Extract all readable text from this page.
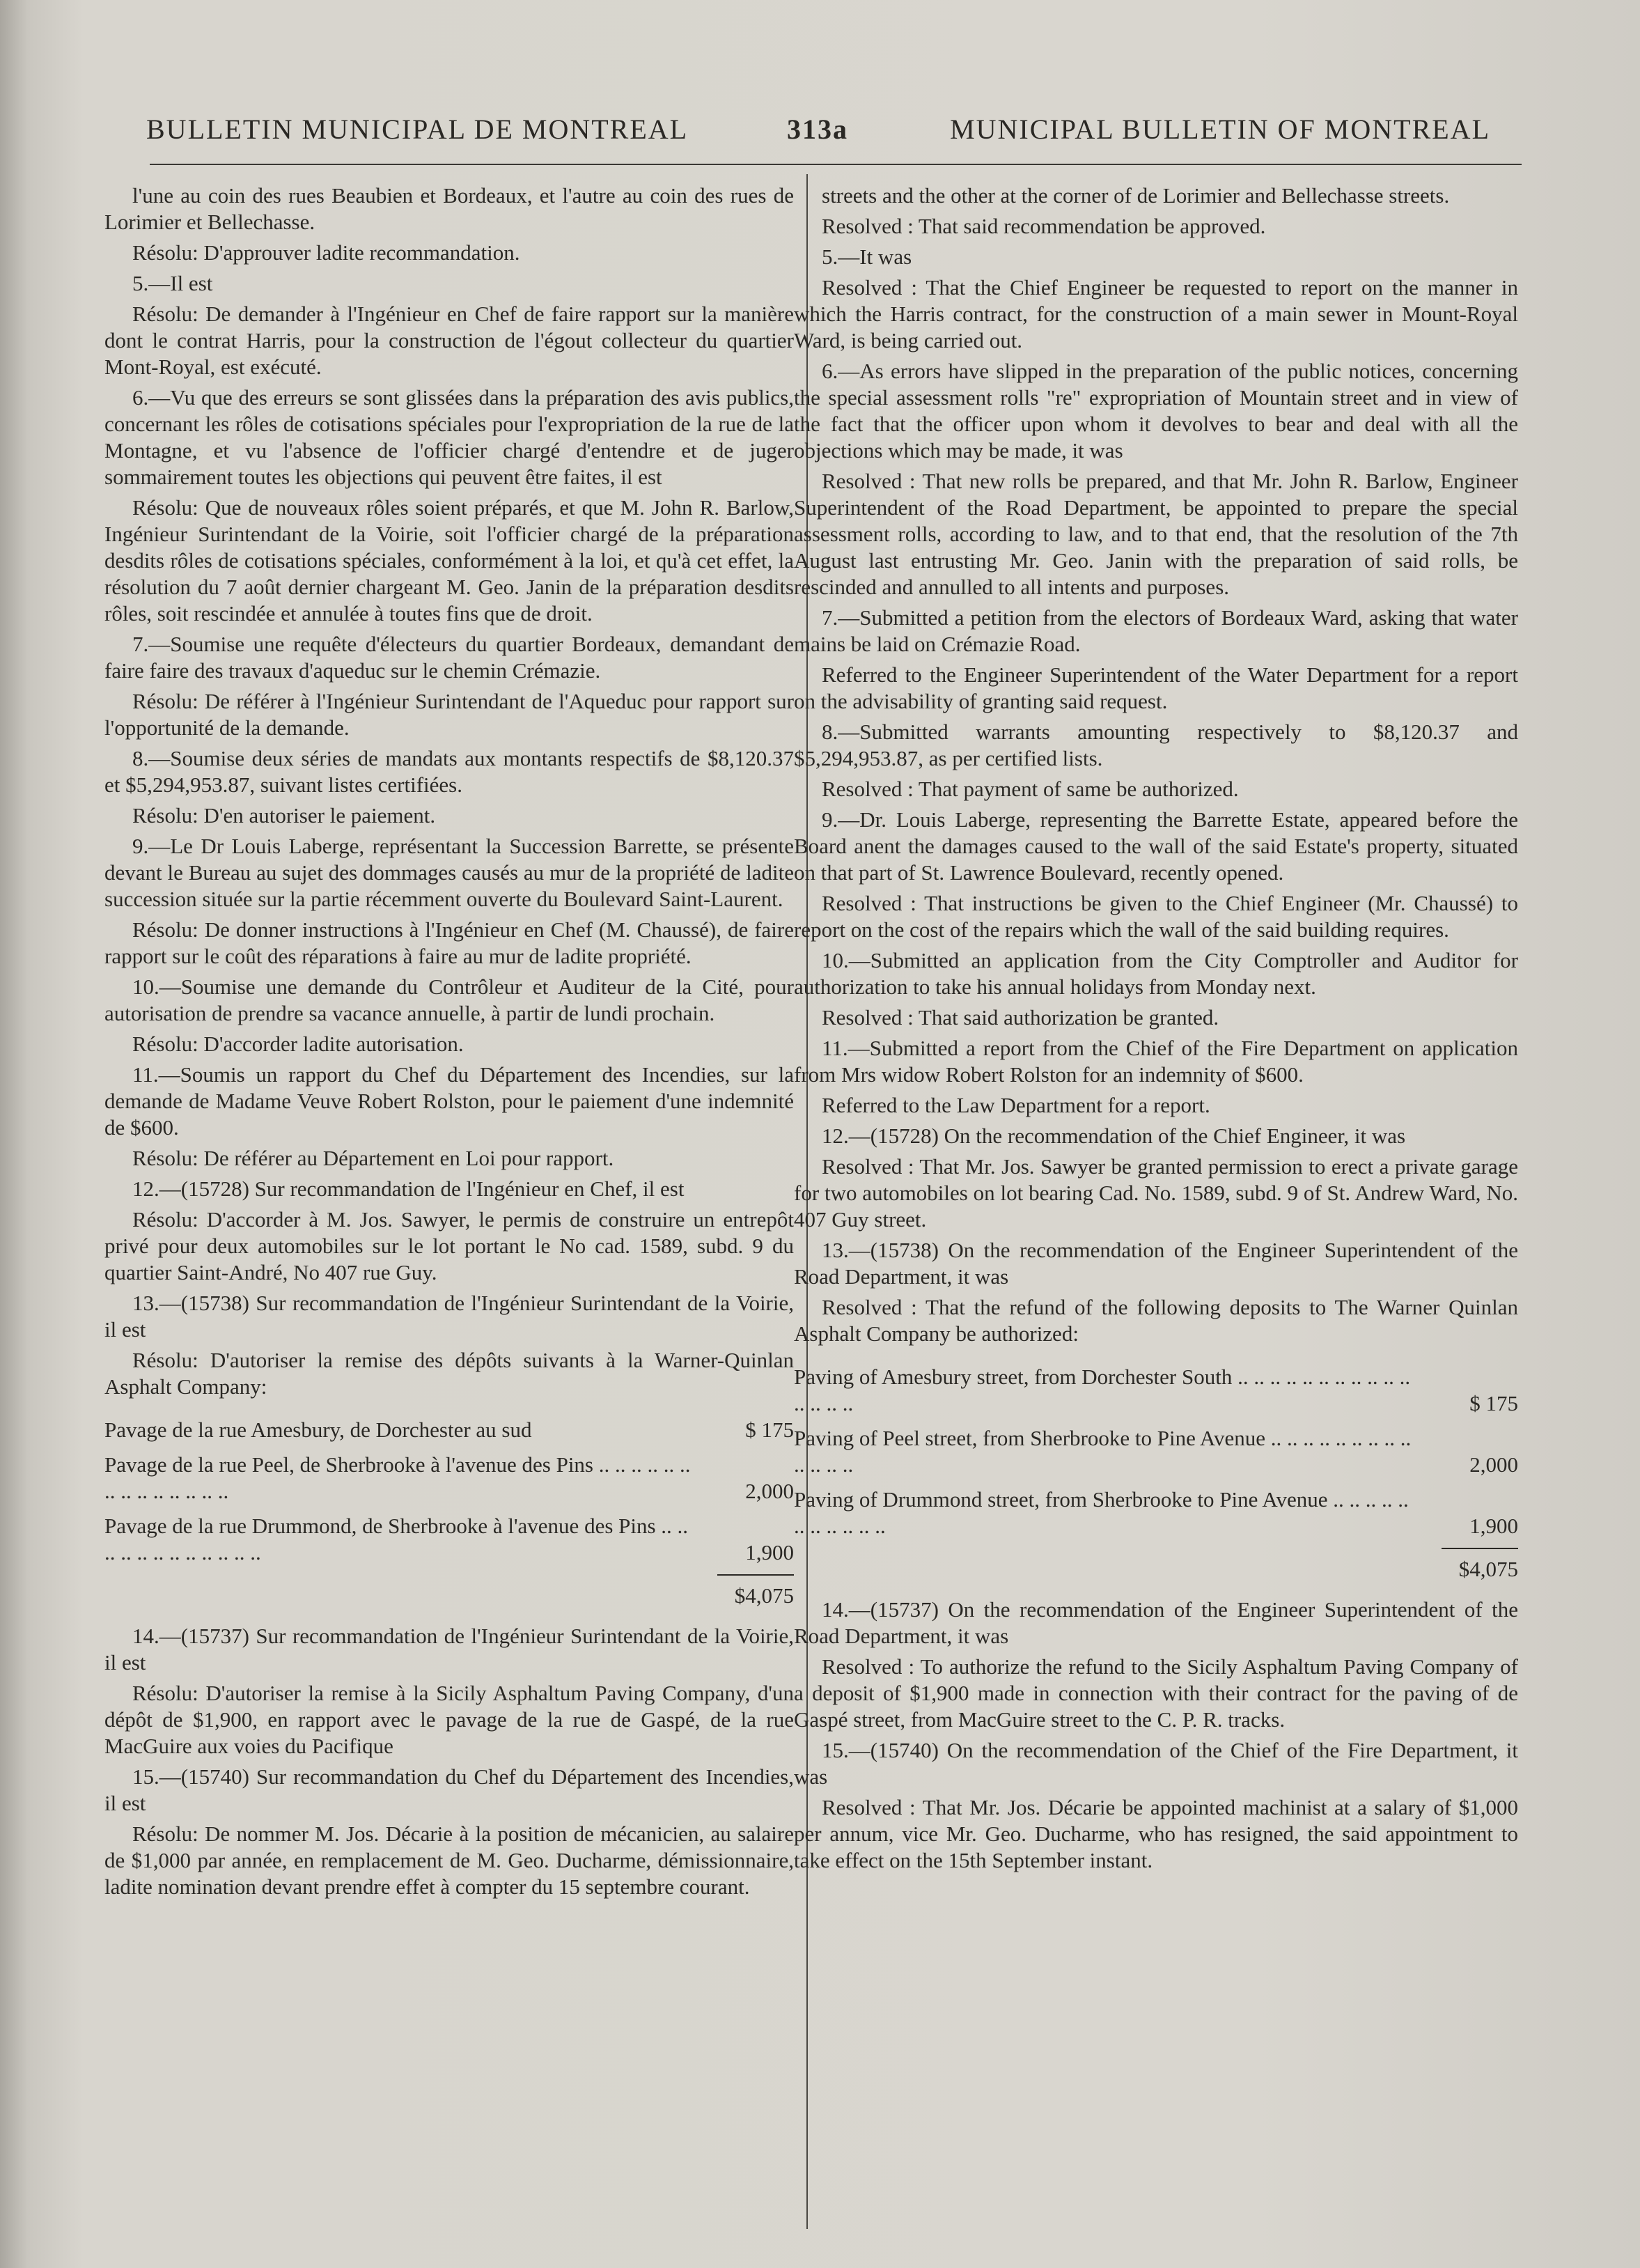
BULLETIN MUNICIPAL DE MONTREAL	313a	MUNICIPAL BULLETIN OF MONTREAL

l'une au coin des rues Beaubien et Bordeaux, et l'autre au coin des rues de Lorimier et Bellechasse.

Résolu: D'approuver ladite recommandation.

5.—Il est

Résolu: De demander à l'Ingénieur en Chef de faire rapport sur la manière dont le contrat Harris, pour la construction de l'égout collecteur du quartier Mont-Royal, est exécuté.

6.—Vu que des erreurs se sont glissées dans la préparation des avis publics, concernant les rôles de cotisations spéciales pour l'expropriation de la rue de la Montagne, et vu l'absence de l'officier chargé d'entendre et de juger sommairement toutes les objections qui peuvent être faites, il est

Résolu: Que de nouveaux rôles soient préparés, et que M. John R. Barlow, Ingénieur Surintendant de la Voirie, soit l'officier chargé de la préparation desdits rôles de cotisations spéciales, conformément à la loi, et qu'à cet effet, la résolution du 7 août dernier chargeant M. Geo. Janin de la préparation desdits rôles, soit rescindée et annulée à toutes fins que de droit.

7.—Soumise une requête d'électeurs du quartier Bordeaux, demandant de faire faire des travaux d'aqueduc sur le chemin Crémazie.

Résolu: De référer à l'Ingénieur Surintendant de l'Aqueduc pour rapport sur l'opportunité de la demande.

8.—Soumise deux séries de mandats aux montants respectifs de $8,120.37 et $5,294,953.87, suivant listes certifiées.

Résolu: D'en autoriser le paiement.

9.—Le Dr Louis Laberge, représentant la Succession Barrette, se présente devant le Bureau au sujet des dommages causés au mur de la propriété de ladite succession située sur la partie récemment ouverte du Boulevard Saint-Laurent.

Résolu: De donner instructions à l'Ingénieur en Chef (M. Chaussé), de faire rapport sur le coût des réparations à faire au mur de ladite propriété.

10.—Soumise une demande du Contrôleur et Auditeur de la Cité, pour autorisation de prendre sa vacance annuelle, à partir de lundi prochain.

Résolu: D'accorder ladite autorisation.

11.—Soumis un rapport du Chef du Département des Incendies, sur la demande de Madame Veuve Robert Rolston, pour le paiement d'une indemnité de $600.

Résolu: De référer au Département en Loi pour rapport.

12.—(15728) Sur recommandation de l'Ingénieur en Chef, il est

Résolu: D'accorder à M. Jos. Sawyer, le permis de construire un entrepôt privé pour deux automobiles sur le lot portant le No cad. 1589, subd. 9 du quartier Saint-André, No 407 rue Guy.

13.—(15738) Sur recommandation de l'Ingénieur Surintendant de la Voirie, il est

Résolu: D'autoriser la remise des dépôts suivants à la Warner-Quinlan Asphalt Company:

Pavage de la rue Amesbury, de Dorchester au sud	$ 175
Pavage de la rue Peel, de Sherbrooke à l'avenue des Pins .. .. .. .. .. .. .. .. .. .. .. .. .. ..	2,000
Pavage de la rue Drummond, de Sherbrooke à l'avenue des Pins .. .. .. .. .. .. .. .. .. .. .. ..	1,900
$4,075

14.—(15737) Sur recommandation de l'Ingénieur Surintendant de la Voirie, il est

Résolu: D'autoriser la remise à la Sicily Asphaltum Paving Company, d'un dépôt de $1,900, en rapport avec le pavage de la rue de Gaspé, de la rue MacGuire aux voies du Pacifique

15.—(15740) Sur recommandation du Chef du Département des Incendies, il est

Résolu: De nommer M. Jos. Décarie à la position de mécanicien, au salaire de $1,000 par année, en remplacement de M. Geo. Ducharme, démissionnaire, ladite nomination devant prendre effet à compter du 15 septembre courant.

streets and the other at the corner of de Lorimier and Bellechasse streets.

Resolved : That said recommendation be approved.

5.—It was

Resolved : That the Chief Engineer be requested to report on the manner in which the Harris contract, for the construction of a main sewer in Mount-Royal Ward, is being carried out.

6.—As errors have slipped in the preparation of the public notices, concerning the special assessment rolls "re" expropriation of Mountain street and in view of the fact that the officer upon whom it devolves to bear and deal with all the objections which may be made, it was

Resolved : That new rolls be prepared, and that Mr. John R. Barlow, Engineer Superintendent of the Road Department, be appointed to prepare the special assessment rolls, according to law, and to that end, that the resolution of the 7th August last entrusting Mr. Geo. Janin with the preparation of said rolls, be rescinded and annulled to all intents and purposes.

7.—Submitted a petition from the electors of Bordeaux Ward, asking that water mains be laid on Crémazie Road.

Referred to the Engineer Superintendent of the Water Department for a report on the advisability of granting said request.

8.—Submitted warrants amounting respectively to $8,120.37 and $5,294,953.87, as per certified lists.

Resolved : That payment of same be authorized.

9.—Dr. Louis Laberge, representing the Barrette Estate, appeared before the Board anent the damages caused to the wall of the said Estate's property, situated on that part of St. Lawrence Boulevard, recently opened.

Resolved : That instructions be given to the Chief Engineer (Mr. Chaussé) to report on the cost of the repairs which the wall of the said building requires.

10.—Submitted an application from the City Comptroller and Auditor for authorization to take his annual holidays from Monday next.

Resolved : That said authorization be granted.

11.—Submitted a report from the Chief of the Fire Department on application from Mrs widow Robert Rolston for an indemnity of $600.

Referred to the Law Department for a report.

12.—(15728) On the recommendation of the Chief Engineer, it was

Resolved : That Mr. Jos. Sawyer be granted permission to erect a private garage for two automobiles on lot bearing Cad. No. 1589, subd. 9 of St. Andrew Ward, No. 407 Guy street.

13.—(15738) On the recommendation of the Engineer Superintendent of the Road Department, it was

Resolved : That the refund of the following deposits to The Warner Quinlan Asphalt Company be authorized:

Paving of Amesbury street, from Dorchester South .. .. .. .. .. .. .. .. .. .. .. .. .. .. ..	$ 175
Paving of Peel street, from Sherbrooke to Pine Avenue .. .. .. .. .. .. .. .. .. .. .. .. ..	2,000
Paving of Drummond street, from Sherbrooke to Pine Avenue .. .. .. .. .. .. .. .. .. .. ..	1,900
$4,075

14.—(15737) On the recommendation of the Engineer Superintendent of the Road Department, it was

Resolved : To authorize the refund to the Sicily Asphaltum Paving Company of a deposit of $1,900 made in connection with their contract for the paving of de Gaspé street, from MacGuire street to the C. P. R. tracks.

15.—(15740) On the recommendation of the Chief of the Fire Department, it was

Resolved : That Mr. Jos. Décarie be appointed machinist at a salary of $1,000 per annum, vice Mr. Geo. Ducharme, who has resigned, the said appointment to take effect on the 15th September instant.
